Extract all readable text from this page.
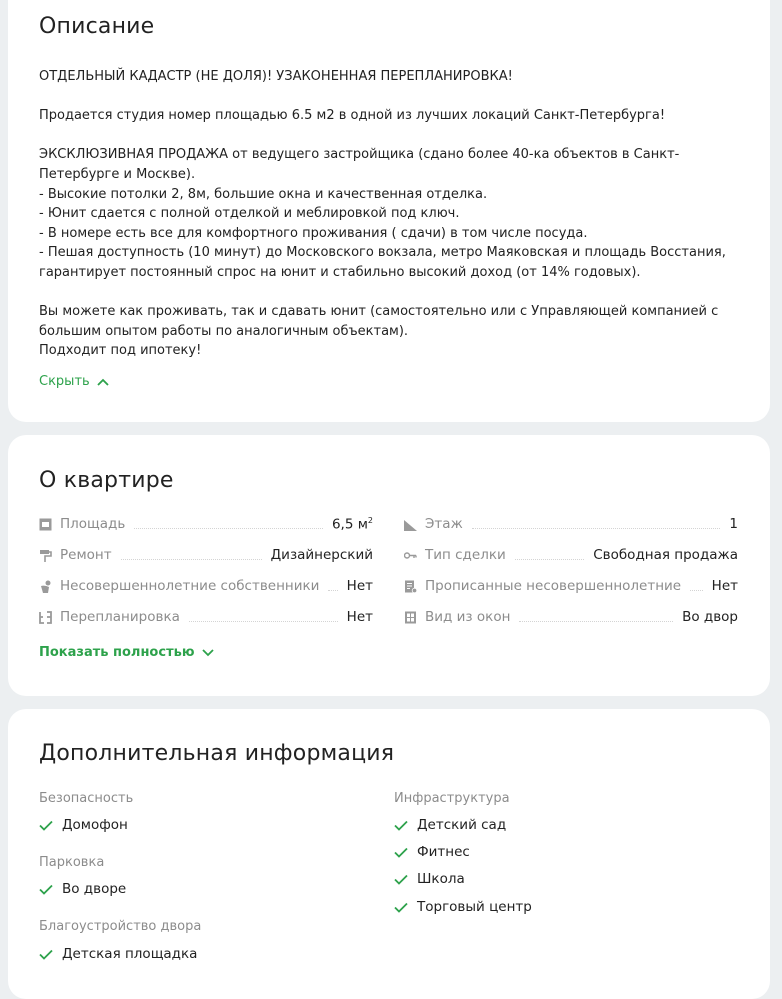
Описание

ОТДЕЛЬНЫЙ КАДАСТР (НЕ ДОЛЯ)! УЗАКОНЕННАЯ ПЕРЕПЛАНИРОВКА!

Продается студия номер площадью 6.5 м2 в одной из лучших локаций Санкт-Петербурга!

ЭКСКЛЮЗИВНАЯ ПРОДАЖА от ведущего застройщика (сдано более 40-ка объектов в Санкт-Петербурге и Москве).

- Высокие потолки 2, 8м, большие окна и качественная отделка.

- Юнит сдается с полной отделкой и меблировкой под ключ.

- В номере есть все для комфортного проживания ( сдачи) в том числе посуда.

- Пешая доступность (10 минут) до Московского вокзала, метро Маяковская и площадь Восстания, гарантирует постоянный спрос на юнит и стабильно высокий доход (от 14% годовых).

Вы можете как проживать, так и сдавать юнит (самостоятельно или с Управляющей компанией с большим опытом работы по аналогичным объектам).

Подходит под ипотеку!

Скрыть
О квартире
Площадь	6,5 $м^2$	Этаж	1
Ремонт	Дизайнерский	Тип сделки	Свободная продажа
Несовершеннолетние собственники Нет	Прописанные несовершеннолетние Нет
Перепланировка	Нет	Вид из окон	Во двор
Показать полностью
Дополнительная информация
Безопасность
Домофон
Парковка
Во дворе
Благоустройство двора
Детская площадка
Инфраструктура
Детский сад
Фитнес
Школа
Торговый центр
